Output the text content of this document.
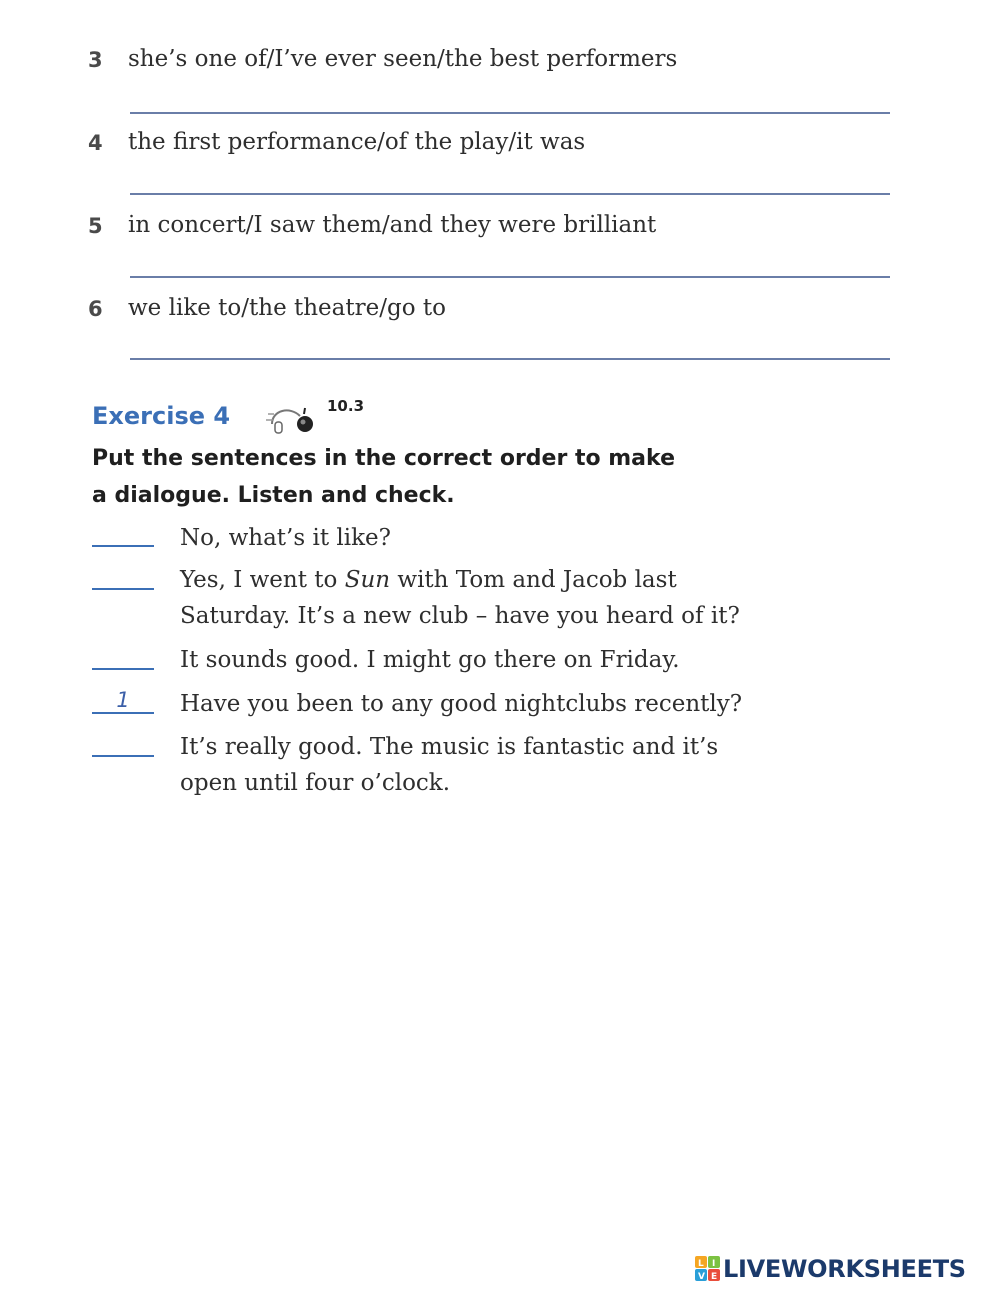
3 she’s one of/I’ve ever seen/the best performers
4 the first performance/of the play/it was
5 in concert/I saw them/and they were brilliant
6 we like to/the theatre/go to
Exercise 4	10.3
Put the sentences in the correct order to make
a dialogue. Listen and check.
No, what’s it like?
Yes, I went to Sun with Tom and Jacob last
Saturday. It’s a new club – have you heard of it?
It sounds good. I might go there on Friday.
1	Have you been to any good nightclubs recently?
It’s really good. The music is fantastic and it’s
open until four o’clock.
L I
V E LIVEWORKSHEETS
